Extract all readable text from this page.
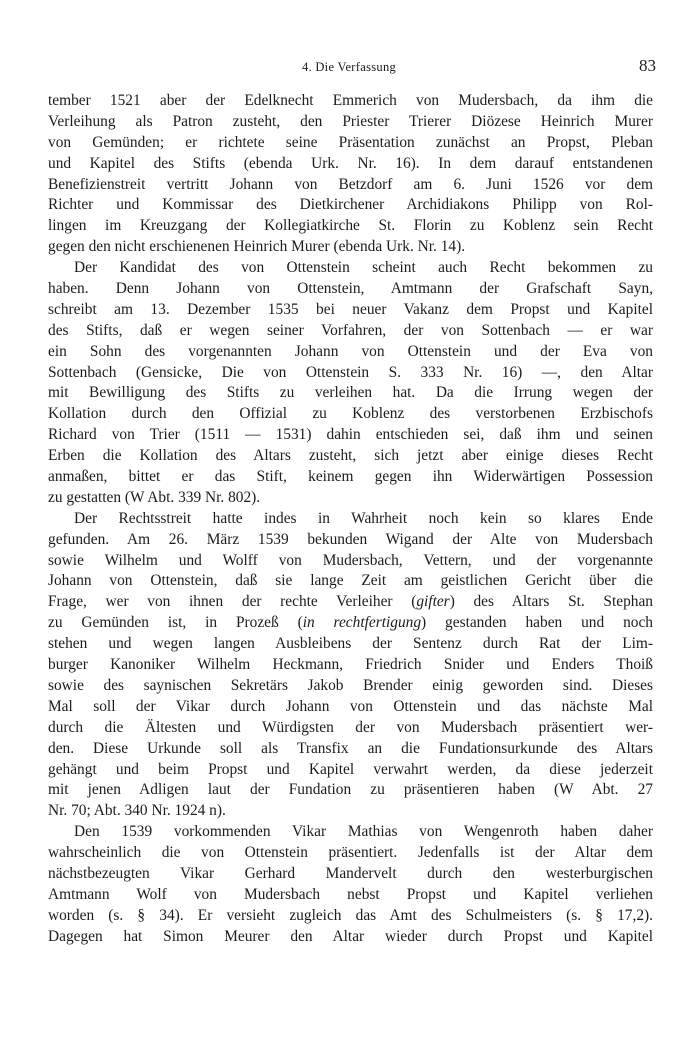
4. Die Verfassung	83
tember 1521 aber der Edelknecht Emmerich von Mudersbach, da ihm die
Verleihung als Patron zusteht, den Priester Trierer Diözese Heinrich Murer
von Gemünden; er richtete seine Präsentation zunächst an Propst, Pleban
und Kapitel des Stifts (ebenda Urk. Nr. 16). In dem darauf entstandenen
Benefizienstreit vertritt Johann von Betzdorf am 6. Juni 1526 vor dem
Richter und Kommissar des Dietkirchener Archidiakons Philipp von Rol-
lingen im Kreuzgang der Kollegiatkirche St. Florin zu Koblenz sein Recht
gegen den nicht erschienenen Heinrich Murer (ebenda Urk. Nr. 14).
Der Kandidat des von Ottenstein scheint auch Recht bekommen zu
haben. Denn Johann von Ottenstein, Amtmann der Grafschaft Sayn,
schreibt am 13. Dezember 1535 bei neuer Vakanz dem Propst und Kapitel
des Stifts, daß er wegen seiner Vorfahren, der von Sottenbach — er war
ein Sohn des vorgenannten Johann von Ottenstein und der Eva von
Sottenbach (Gensicke, Die von Ottenstein S. 333 Nr. 16) —, den Altar
mit Bewilligung des Stifts zu verleihen hat. Da die Irrung wegen der
Kollation durch den Offizial zu Koblenz des verstorbenen Erzbischofs
Richard von Trier (1511 — 1531) dahin entschieden sei, daß ihm und seinen
Erben die Kollation des Altars zusteht, sich jetzt aber einige dieses Recht
anmaßen, bittet er das Stift, keinem gegen ihn Widerwärtigen Possession
zu gestatten (W Abt. 339 Nr. 802).
Der Rechtsstreit hatte indes in Wahrheit noch kein so klares Ende
gefunden. Am 26. März 1539 bekunden Wigand der Alte von Mudersbach
sowie Wilhelm und Wolff von Mudersbach, Vettern, und der vorgenannte
Johann von Ottenstein, daß sie lange Zeit am geistlichen Gericht über die
Frage, wer von ihnen der rechte Verleiher (gifter) des Altars St. Stephan
zu Gemünden ist, in Prozeß (in rechtfertigung) gestanden haben und noch
stehen und wegen langen Ausbleibens der Sentenz durch Rat der Lim-
burger Kanoniker Wilhelm Heckmann, Friedrich Snider und Enders Thoiß
sowie des saynischen Sekretärs Jakob Brender einig geworden sind. Dieses
Mal soll der Vikar durch Johann von Ottenstein und das nächste Mal
durch die Ältesten und Würdigsten der von Mudersbach präsentiert wer-
den. Diese Urkunde soll als Transfix an die Fundationsurkunde des Altars
gehängt und beim Propst und Kapitel verwahrt werden, da diese jederzeit
mit jenen Adligen laut der Fundation zu präsentieren haben (W Abt. 27
Nr. 70; Abt. 340 Nr. 1924 n).
Den 1539 vorkommenden Vikar Mathias von Wengenroth haben daher
wahrscheinlich die von Ottenstein präsentiert. Jedenfalls ist der Altar dem
nächstbezeugten Vikar Gerhard Mandervelt durch den westerburgischen
Amtmann Wolf von Mudersbach nebst Propst und Kapitel verliehen
worden (s. § 34). Er versieht zugleich das Amt des Schulmeisters (s. § 17,2).
Dagegen hat Simon Meurer den Altar wieder durch Propst und Kapitel
